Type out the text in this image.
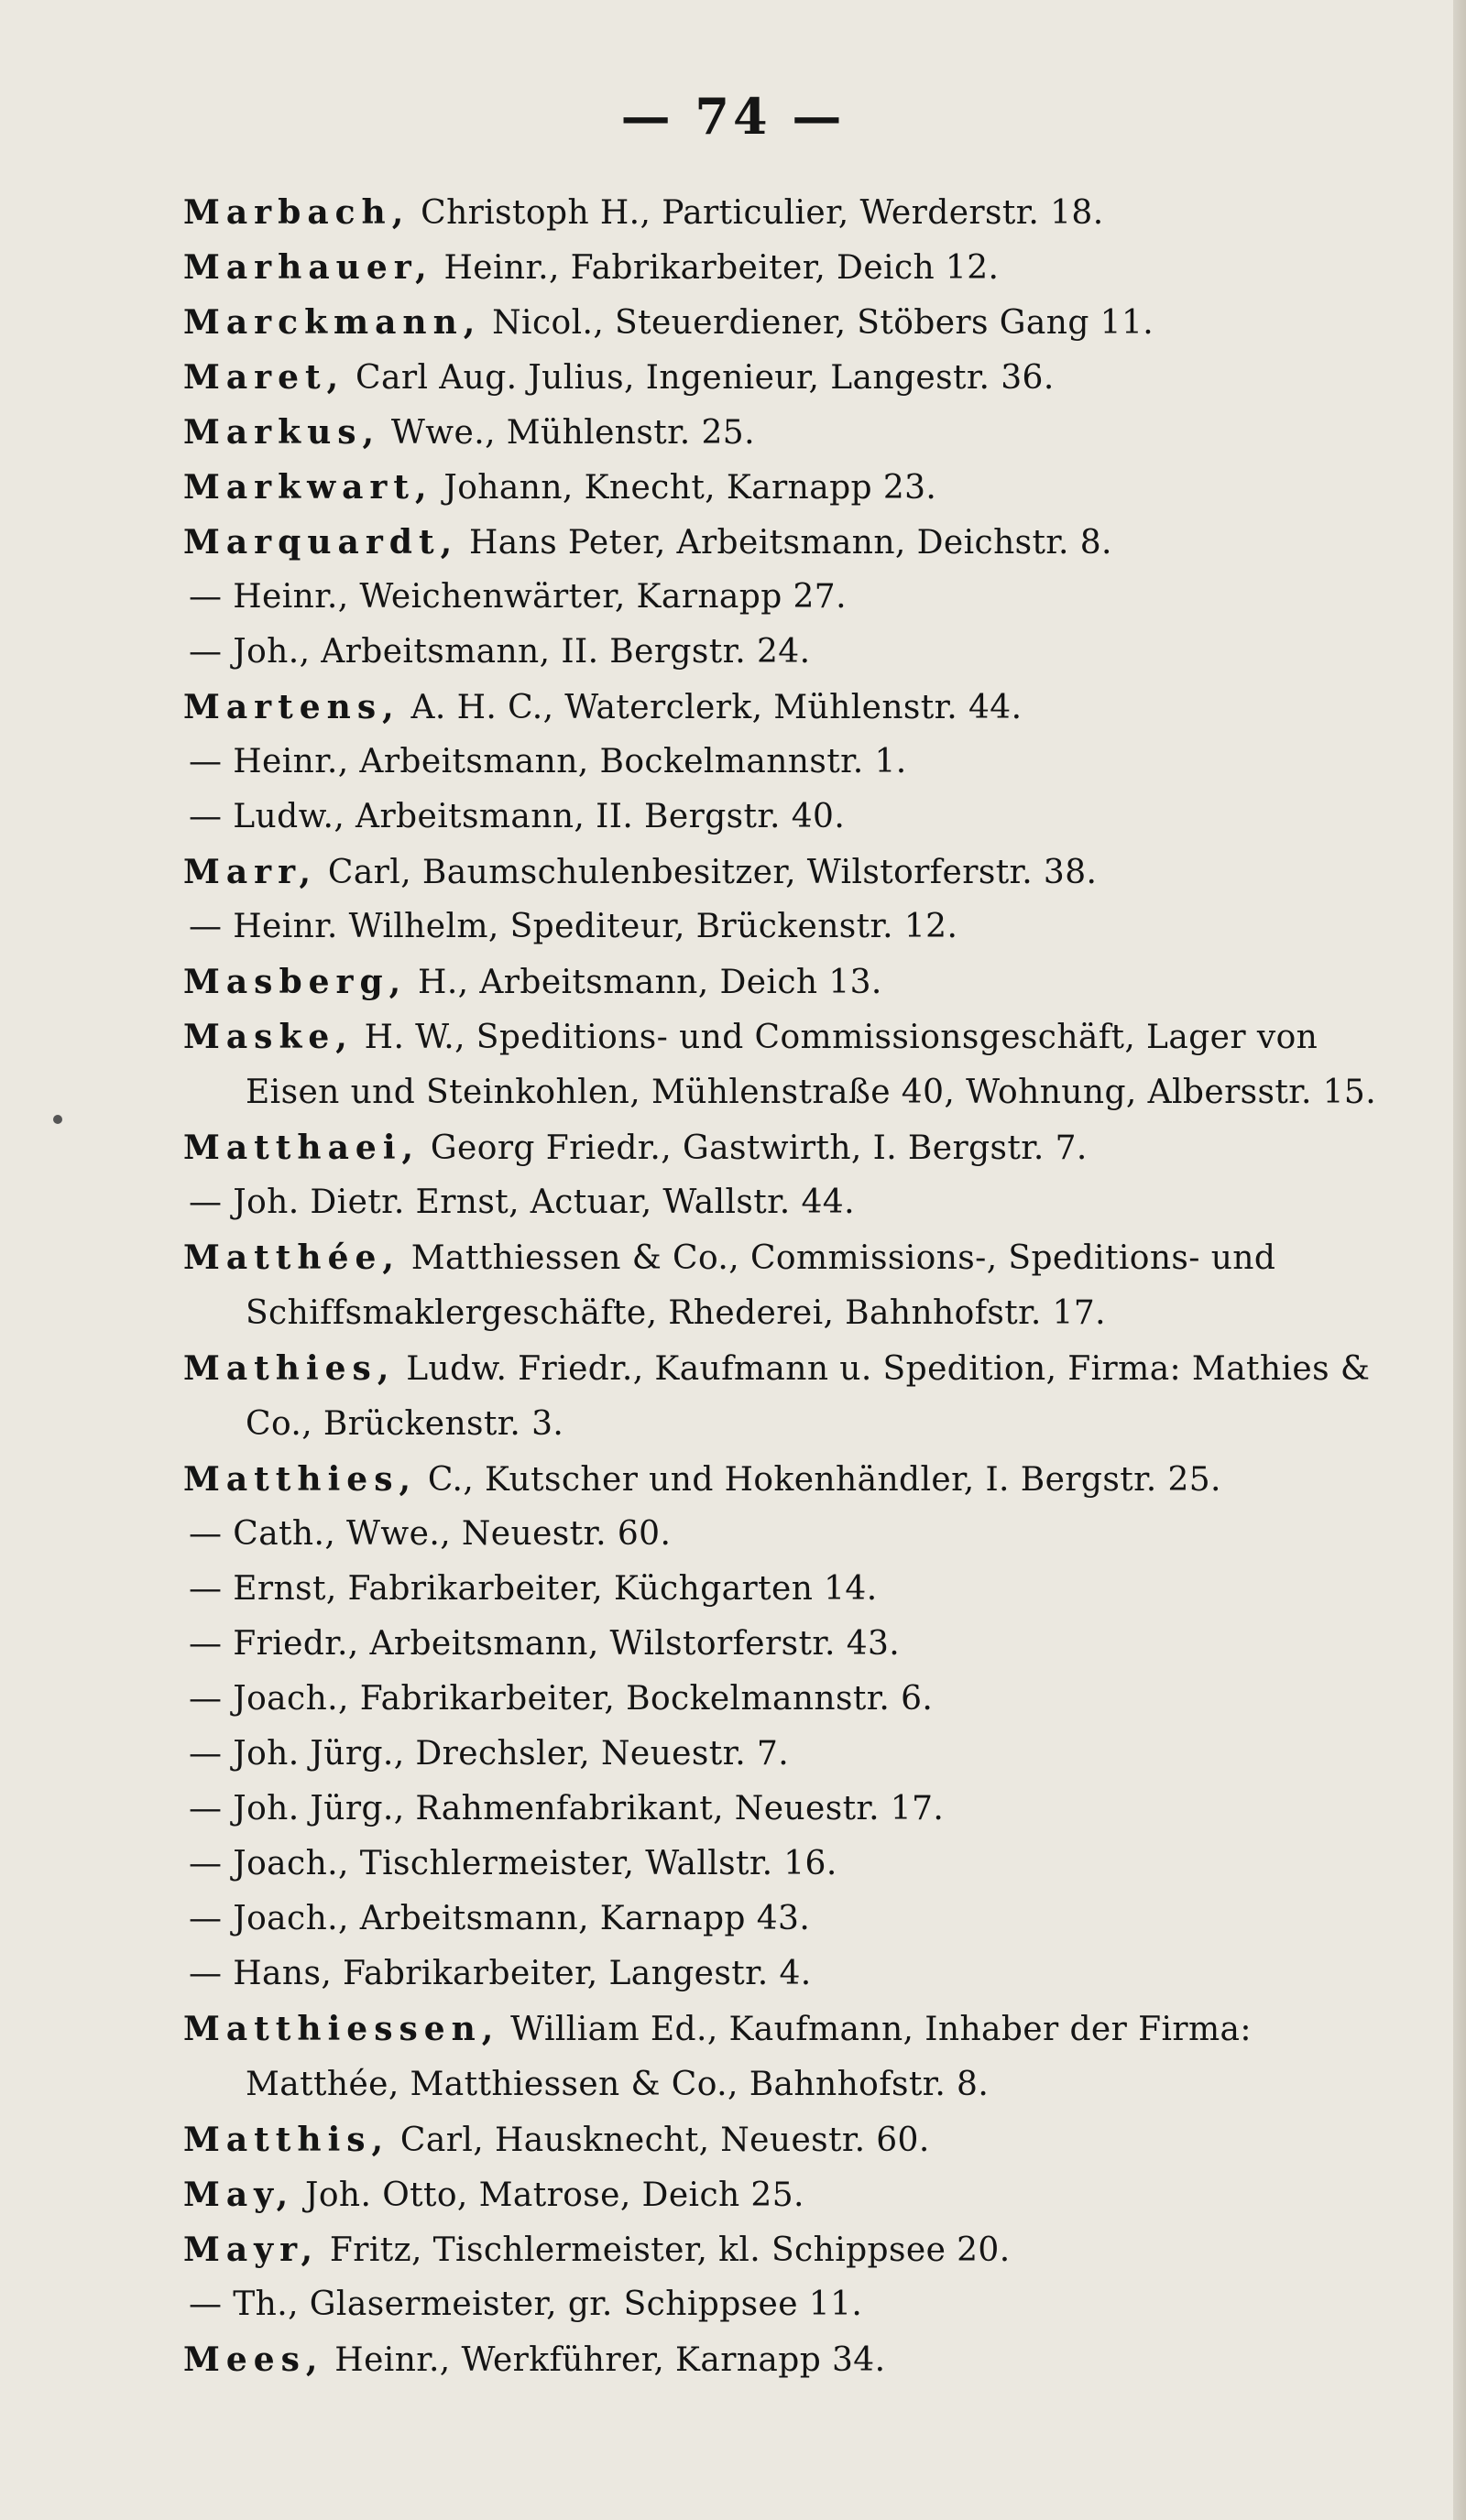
— 74 —
Marbach, Christoph H., Particulier, Werderstr. 18.
Marhauer, Heinr., Fabrikarbeiter, Deich 12.
Marckmann, Nicol., Steuerdiener, Stöbers Gang 11.
Maret, Carl Aug. Julius, Ingenieur, Langestr. 36.
Markus, Wwe., Mühlenstr. 25.
Markwart, Johann, Knecht, Karnapp 23.
Marquardt, Hans Peter, Arbeitsmann, Deichstr. 8.
— Heinr., Weichenwärter, Karnapp 27.
— Joh., Arbeitsmann, II. Bergstr. 24.
Martens, A. H. C., Waterclerk, Mühlenstr. 44.
— Heinr., Arbeitsmann, Bockelmannstr. 1.
— Ludw., Arbeitsmann, II. Bergstr. 40.
Marr, Carl, Baumschulenbesitzer, Wilstorferstr. 38.
— Heinr. Wilhelm, Spediteur, Brückenstr. 12.
Masberg, H., Arbeitsmann, Deich 13.
Maske, H. W., Speditions- und Commissionsgeschäft, Lager von Eisen und Steinkohlen, Mühlenstraße 40, Wohnung, Albersstr. 15.
Matthaei, Georg Friedr., Gastwirth, I. Bergstr. 7.
— Joh. Dietr. Ernst, Actuar, Wallstr. 44.
Matthée, Matthiessen & Co., Commissions-, Speditions- und Schiffsmaklergeschäfte, Rhederei, Bahnhofstr. 17.
Mathies, Ludw. Friedr., Kaufmann u. Spedition, Firma: Mathies & Co., Brückenstr. 3.
Matthies, C., Kutscher und Hokenhändler, I. Bergstr. 25.
— Cath., Wwe., Neuestr. 60.
— Ernst, Fabrikarbeiter, Küchgarten 14.
— Friedr., Arbeitsmann, Wilstorferstr. 43.
— Joach., Fabrikarbeiter, Bockelmannstr. 6.
— Joh. Jürg., Drechsler, Neuestr. 7.
— Joh. Jürg., Rahmenfabrikant, Neuestr. 17.
— Joach., Tischlermeister, Wallstr. 16.
— Joach., Arbeitsmann, Karnapp 43.
— Hans, Fabrikarbeiter, Langestr. 4.
Matthiessen, William Ed., Kaufmann, Inhaber der Firma: Matthée, Matthiessen & Co., Bahnhofstr. 8.
Matthis, Carl, Hausknecht, Neuestr. 60.
May, Joh. Otto, Matrose, Deich 25.
Mayr, Fritz, Tischlermeister, kl. Schippsee 20.
— Th., Glasermeister, gr. Schippsee 11.
Mees, Heinr., Werkführer, Karnapp 34.
